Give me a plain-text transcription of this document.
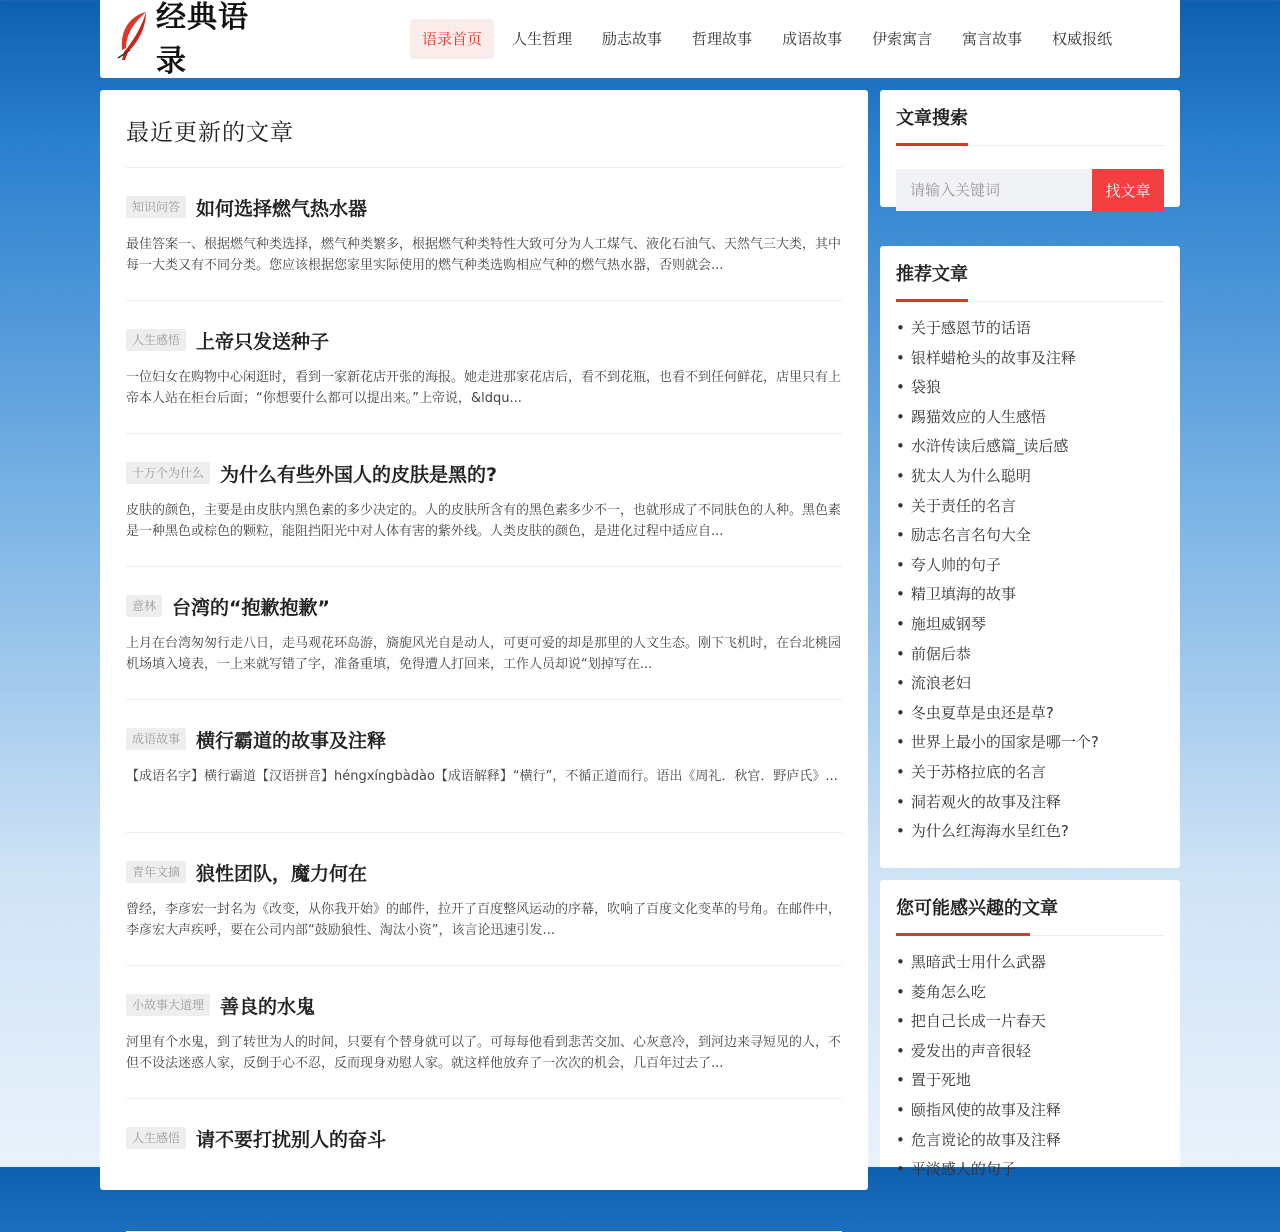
经典语录
语录首页	人生哲理	励志故事	哲理故事	成语故事	伊索寓言	寓言故事	权威报纸
最近更新的文章
知识问答 如何选择燃气热水器
最佳答案一、根据燃气种类选择，燃气种类繁多，根据燃气种类特性大致可分为人工煤气、液化石油气、天然气三大类，其中每一大类又有不同分类。您应该根据您家里实际使用的燃气种类选购相应气种的燃气热水器，否则就会...
人生感悟 上帝只发送种子
一位妇女在购物中心闲逛时，看到一家新花店开张的海报。她走进那家花店后，看不到花瓶，也看不到任何鲜花，店里只有上帝本人站在柜台后面；“你想要什么都可以提出来。”上帝说，&ldqu...
十万个为什么 为什么有些外国人的皮肤是黑的?
皮肤的颜色，主要是由皮肤内黑色素的多少决定的。人的皮肤所含有的黑色素多少不一，也就形成了不同肤色的人种。黑色素是一种黑色或棕色的颗粒，能阻挡阳光中对人体有害的紫外线。人类皮肤的颜色，是进化过程中适应自...
意林 台湾的“抱歉抱歉”
上月在台湾匆匆行走八日，走马观花环岛游，旖旎风光自是动人，可更可爱的却是那里的人文生态。刚下飞机时，在台北桃园机场填入境表，一上来就写错了字，准备重填，免得遭人打回来，工作人员却说“划掉写在...
成语故事 横行霸道的故事及注释
【成语名字】横行霸道【汉语拼音】héngxíngbàdào【成语解释】“横行”，不循正道而行。语出《周礼．秋官．野庐氏》...
青年文摘 狼性团队，魔力何在
曾经，李彦宏一封名为《改变，从你我开始》的邮件，拉开了百度整风运动的序幕，吹响了百度文化变革的号角。在邮件中，李彦宏大声疾呼，要在公司内部“鼓励狼性、淘汰小资”，该言论迅速引发...
小故事大道理 善良的水鬼
河里有个水鬼，到了转世为人的时间，只要有个替身就可以了。可每每他看到悲苦交加、心灰意冷，到河边来寻短见的人，不但不设法迷惑人家，反倒于心不忍，反而现身劝慰人家。就这样他放弃了一次次的机会，几百年过去了...
人生感悟 请不要打扰别人的奋斗
文章搜索
请输入关键词
找文章
推荐文章
• 关于感恩节的话语
• 银样蜡枪头的故事及注释
• 袋狼
• 踢猫效应的人生感悟
• 水浒传读后感篇_读后感
• 犹太人为什么聪明
• 关于责任的名言
• 励志名言名句大全
• 夸人帅的句子
• 精卫填海的故事
• 施坦威钢琴
• 前倨后恭
• 流浪老妇
• 冬虫夏草是虫还是草?
• 世界上最小的国家是哪一个?
• 关于苏格拉底的名言
• 洞若观火的故事及注释
• 为什么红海海水呈红色?
您可能感兴趣的文章
• 黑暗武士用什么武器
• 菱角怎么吃
• 把自己长成一片春天
• 爱发出的声音很轻
• 置于死地
• 颐指风使的故事及注释
• 危言谠论的故事及注释
• 平淡感人的句子
